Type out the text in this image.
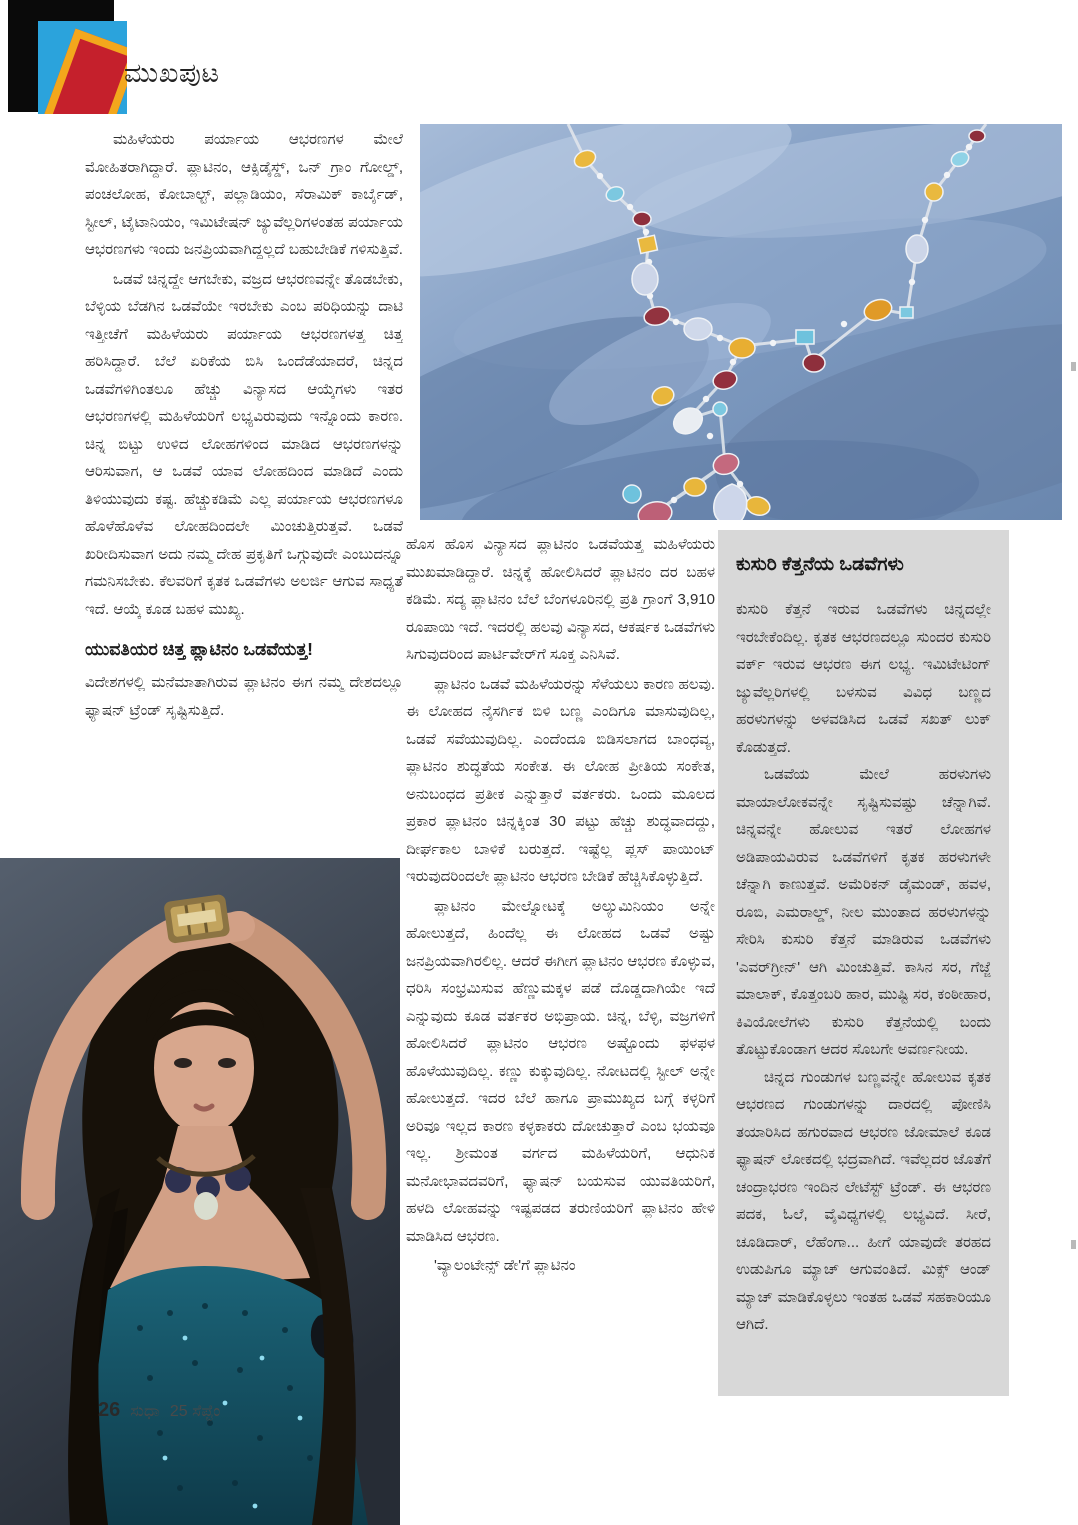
ಮುಖಪುಟ

ಮಹಿಳೆಯರು ಪರ್ಯಾಯ ಆಭರಣಗಳ ಮೇಲೆ ಮೋಹಿತರಾಗಿದ್ದಾರೆ. ಪ್ಲಾಟಿನಂ, ಆಕ್ಸಿಡೈಸ್ಡ್, ಒನ್ ಗ್ರಾಂ ಗೋಲ್ಡ್, ಪಂಚಲೋಹ, ಕೋಬಾಲ್ಟ್, ಪಲ್ಲಾಡಿಯಂ, ಸೆರಾಮಿಕ್ ಕಾರ್ಬೈಡ್, ಸ್ಟೀಲ್, ಟೈಟಾನಿಯಂ, ಇಮಿಟೇಷನ್ ಜ್ಯುವೆಲ್ಲರಿಗಳಂತಹ ಪರ್ಯಾಯ ಆಭರಣಗಳು ಇಂದು ಜನಪ್ರಿಯವಾಗಿದ್ದಲ್ಲದೆ ಬಹುಬೇಡಿಕೆ ಗಳಿಸುತ್ತಿವೆ.

ಒಡವೆ ಚಿನ್ನದ್ದೇ ಆಗಬೇಕು, ವಜ್ರದ ಆಭರಣವನ್ನೇ ತೊಡಬೇಕು, ಬೆಳ್ಳಿಯ ಬೆಡಗಿನ ಒಡವೆಯೇ ಇರಬೇಕು ಎಂಬ ಪರಿಧಿಯನ್ನು ದಾಟಿ ಇತ್ತೀಚೆಗೆ ಮಹಿಳೆಯರು ಪರ್ಯಾಯ ಆಭರಣಗಳತ್ತ ಚಿತ್ತ ಹರಿಸಿದ್ದಾರೆ. ಬೆಲೆ ಏರಿಕೆಯ ಬಿಸಿ ಒಂದೆಡೆಯಾದರೆ, ಚಿನ್ನದ ಒಡವೆಗಳಿಗಿಂತಲೂ ಹೆಚ್ಚು ವಿನ್ಯಾಸದ ಆಯ್ಕೆಗಳು ಇತರ ಆಭರಣಗಳಲ್ಲಿ ಮಹಿಳೆಯರಿಗೆ ಲಭ್ಯವಿರುವುದು ಇನ್ನೊಂದು ಕಾರಣ. ಚಿನ್ನ ಬಿಟ್ಟು ಉಳಿದ ಲೋಹಗಳಿಂದ ಮಾಡಿದ ಆಭರಣಗಳನ್ನು ಆರಿಸುವಾಗ, ಆ ಒಡವೆ ಯಾವ ಲೋಹದಿಂದ ಮಾಡಿದೆ ಎಂದು ತಿಳಿಯುವುದು ಕಷ್ಟ. ಹೆಚ್ಚುಕಡಿಮೆ ಎಲ್ಲ ಪರ್ಯಾಯ ಆಭರಣಗಳೂ ಹೊಳೆಹೊಳೆವ ಲೋಹದಿಂದಲೇ ಮಿಂಚುತ್ತಿರುತ್ತವೆ. ಒಡವೆ ಖರೀದಿಸುವಾಗ ಅದು ನಮ್ಮ ದೇಹ ಪ್ರಕೃತಿಗೆ ಒಗ್ಗುವುದೇ ಎಂಬುದನ್ನೂ ಗಮನಿಸಬೇಕು. ಕೆಲವರಿಗೆ ಕೃತಕ ಒಡವೆಗಳು ಅಲರ್ಜಿ ಆಗುವ ಸಾಧ್ಯತೆ ಇದೆ. ಆಯ್ಕೆ ಕೂಡ ಬಹಳ ಮುಖ್ಯ.

ಯುವತಿಯರ ಚಿತ್ತ ಪ್ಲಾಟಿನಂ ಒಡವೆಯತ್ತ!

ವಿದೇಶಗಳಲ್ಲಿ ಮನೆಮಾತಾಗಿರುವ ಪ್ಲಾಟಿನಂ ಈಗ ನಮ್ಮ ದೇಶದಲ್ಲೂ ಫ್ಯಾಷನ್ ಟ್ರೆಂಡ್ ಸೃಷ್ಟಿಸುತ್ತಿದೆ.

ಹೊಸ ಹೊಸ ವಿನ್ಯಾಸದ ಪ್ಲಾಟಿನಂ ಒಡವೆಯತ್ತ ಮಹಿಳೆಯರು ಮುಖಮಾಡಿದ್ದಾರೆ. ಚಿನ್ನಕ್ಕೆ ಹೋಲಿಸಿದರೆ ಪ್ಲಾಟಿನಂ ದರ ಬಹಳ ಕಡಿಮೆ. ಸದ್ಯ ಪ್ಲಾಟಿನಂ ಬೆಲೆ ಬೆಂಗಳೂರಿನಲ್ಲಿ ಪ್ರತಿ ಗ್ರಾಂಗೆ 3,910 ರೂಪಾಯಿ ಇದೆ. ಇದರಲ್ಲಿ ಹಲವು ವಿನ್ಯಾಸದ, ಆಕರ್ಷಕ ಒಡವೆಗಳು ಸಿಗುವುದರಿಂದ ಪಾರ್ಟಿವೇರ್‌ಗೆ ಸೂಕ್ತ ಎನಿಸಿವೆ.

ಪ್ಲಾಟಿನಂ ಒಡವೆ ಮಹಿಳೆಯರನ್ನು ಸೆಳೆಯಲು ಕಾರಣ ಹಲವು. ಈ ಲೋಹದ ನೈಸರ್ಗಿಕ ಬಿಳಿ ಬಣ್ಣ ಎಂದಿಗೂ ಮಾಸುವುದಿಲ್ಲ, ಒಡವೆ ಸವೆಯುವುದಿಲ್ಲ. ಎಂದೆಂದೂ ಬಿಡಿಸಲಾಗದ ಬಾಂಧವ್ಯ, ಪ್ಲಾಟಿನಂ ಶುದ್ಧತೆಯ ಸಂಕೇತ. ಈ ಲೋಹ ಪ್ರೀತಿಯ ಸಂಕೇತ, ಅನುಬಂಧದ ಪ್ರತೀಕ ಎನ್ನುತ್ತಾರೆ ವರ್ತಕರು. ಒಂದು ಮೂಲದ ಪ್ರಕಾರ ಪ್ಲಾಟಿನಂ ಚಿನ್ನಕ್ಕಿಂತ 30 ಪಟ್ಟು ಹೆಚ್ಚು ಶುದ್ಧವಾದದ್ದು, ದೀರ್ಘಕಾಲ ಬಾಳಿಕೆ ಬರುತ್ತದೆ. ಇಷ್ಟೆಲ್ಲ ಪ್ಲಸ್ ಪಾಯಿಂಟ್ ಇರುವುದರಿಂದಲೇ ಪ್ಲಾಟಿನಂ ಆಭರಣ ಬೇಡಿಕೆ ಹೆಚ್ಚಿಸಿಕೊಳ್ಳುತ್ತಿದೆ.

ಪ್ಲಾಟಿನಂ ಮೇಲ್ನೋಟಕ್ಕೆ ಅಲ್ಯುಮಿನಿಯಂ ಅನ್ನೇ ಹೋಲುತ್ತದೆ, ಹಿಂದೆಲ್ಲ ಈ ಲೋಹದ ಒಡವೆ ಅಷ್ಟು ಜನಪ್ರಿಯವಾಗಿರಲಿಲ್ಲ. ಆದರೆ ಈಗೀಗ ಪ್ಲಾಟಿನಂ ಆಭರಣ ಕೊಳ್ಳುವ, ಧರಿಸಿ ಸಂಭ್ರಮಿಸುವ ಹೆಣ್ಣುಮಕ್ಕಳ ಪಡೆ ದೊಡ್ಡದಾಗಿಯೇ ಇದೆ ಎನ್ನುವುದು ಕೂಡ ವರ್ತಕರ ಅಭಿಪ್ರಾಯ. ಚಿನ್ನ, ಬೆಳ್ಳಿ, ವಜ್ರಗಳಿಗೆ ಹೋಲಿಸಿದರೆ ಪ್ಲಾಟಿನಂ ಆಭರಣ ಅಷ್ಟೊಂದು ಫಳಫಳ ಹೊಳೆಯುವುದಿಲ್ಲ. ಕಣ್ಣು ಕುಕ್ಕುವುದಿಲ್ಲ. ನೋಟದಲ್ಲಿ ಸ್ಟೀಲ್ ಅನ್ನೇ ಹೋಲುತ್ತದೆ. ಇದರ ಬೆಲೆ ಹಾಗೂ ಪ್ರಾಮುಖ್ಯದ ಬಗ್ಗೆ ಕಳ್ಳರಿಗೆ ಅರಿವೂ ಇಲ್ಲದ ಕಾರಣ ಕಳ್ಳಕಾಕರು ದೋಚುತ್ತಾರೆ ಎಂಬ ಭಯವೂ ಇಲ್ಲ. ಶ್ರೀಮಂತ ವರ್ಗದ ಮಹಿಳೆಯರಿಗೆ, ಆಧುನಿಕ ಮನೋಭಾವದವರಿಗೆ, ಫ್ಯಾಷನ್ ಬಯಸುವ ಯುವತಿಯರಿಗೆ, ಹಳದಿ ಲೋಹವನ್ನು ಇಷ್ಟಪಡದ ತರುಣಿಯರಿಗೆ ಪ್ಲಾಟಿನಂ ಹೇಳಿ ಮಾಡಿಸಿದ ಆಭರಣ.

'ವ್ಯಾಲಂಟೇನ್ಸ್ ಡೇ'ಗೆ ಪ್ಲಾಟಿನಂ

ಕುಸುರಿ ಕೆತ್ತನೆಯ ಒಡವೆಗಳು

ಕುಸುರಿ ಕೆತ್ತನೆ ಇರುವ ಒಡವೆಗಳು ಚಿನ್ನದಲ್ಲೇ ಇರಬೇಕೆಂದಿಲ್ಲ. ಕೃತಕ ಆಭರಣದಲ್ಲೂ ಸುಂದರ ಕುಸುರಿ ವರ್ಕ್ ಇರುವ ಆಭರಣ ಈಗ ಲಭ್ಯ. ಇಮಿಟೇಟಿಂಗ್ ಜ್ಯುವೆಲ್ಲರಿಗಳಲ್ಲಿ ಬಳಸುವ ವಿವಿಧ ಬಣ್ಣದ ಹರಳುಗಳನ್ನು ಅಳವಡಿಸಿದ ಒಡವೆ ಸಖತ್ ಲುಕ್ ಕೊಡುತ್ತದೆ.

ಒಡವೆಯ ಮೇಲೆ ಹರಳುಗಳು ಮಾಯಾಲೋಕವನ್ನೇ ಸೃಷ್ಟಿಸುವಷ್ಟು ಚೆನ್ನಾಗಿವೆ. ಚಿನ್ನವನ್ನೇ ಹೋಲುವ ಇತರೆ ಲೋಹಗಳ ಅಡಿಪಾಯವಿರುವ ಒಡವೆಗಳಿಗೆ ಕೃತಕ ಹರಳುಗಳೇ ಚೆನ್ನಾಗಿ ಕಾಣುತ್ತವೆ. ಅಮೆರಿಕನ್ ಡೈಮಂಡ್, ಹವಳ, ರೂಬಿ, ಎಮರಾಲ್ಡ್, ನೀಲ ಮುಂತಾದ ಹರಳುಗಳನ್ನು ಸೇರಿಸಿ ಕುಸುರಿ ಕೆತ್ತನೆ ಮಾಡಿರುವ ಒಡವೆಗಳು 'ಎವರ್‌ಗ್ರೀನ್' ಆಗಿ ಮಿಂಚುತ್ತಿವೆ. ಕಾಸಿನ ಸರ, ಗೆಜ್ಜೆ ಮಾಲಾಕ್, ಕೊತ್ತಂಬರಿ ಹಾರ, ಮುಷ್ಟಿ ಸರ, ಕಂಠೀಹಾರ, ಕಿವಿಯೋಲೆಗಳು ಕುಸುರಿ ಕೆತ್ತನೆಯಲ್ಲಿ ಬಂದು ತೊಟ್ಟುಕೊಂಡಾಗ ಆದರ ಸೊಬಗೇ ಅವರ್ಣನೀಯ.

ಚಿನ್ನದ ಗುಂಡುಗಳ ಬಣ್ಣವನ್ನೇ ಹೋಲುವ ಕೃತಕ ಆಭರಣದ ಗುಂಡುಗಳನ್ನು ದಾರದಲ್ಲಿ ಪೋಣಿಸಿ ತಯಾರಿಸಿದ ಹಗುರವಾದ ಆಭರಣ ಜೋಮಾಲೆ ಕೂಡ ಫ್ಯಾಷನ್ ಲೋಕದಲ್ಲಿ ಭದ್ರವಾಗಿದೆ. ಇವೆಲ್ಲದರ ಜೊತೆಗೆ ಚಂದ್ರಾಭರಣ ಇಂದಿನ ಲೇಟೆಸ್ಟ್ ಟ್ರೆಂಡ್. ಈ ಆಭರಣ ಪದಕ, ಓಲೆ, ವೈವಿಧ್ಯಗಳಲ್ಲಿ ಲಭ್ಯವಿದೆ. ಸೀರೆ, ಚೂಡಿದಾರ್, ಲೆಹೆಂಗಾ... ಹೀಗೆ ಯಾವುದೇ ತರಹದ ಉಡುಪಿಗೂ ಮ್ಯಾಚ್ ಆಗುವಂತಿದೆ. ಮಿಕ್ಸ್ ಆಂಡ್ ಮ್ಯಾಚ್ ಮಾಡಿಕೊಳ್ಳಲು ಇಂತಹ ಒಡವೆ ಸಹಕಾರಿಯೂ ಆಗಿದೆ.

26 ಸುಧಾ 25 ಸೆಪ್ಟೆಂ
